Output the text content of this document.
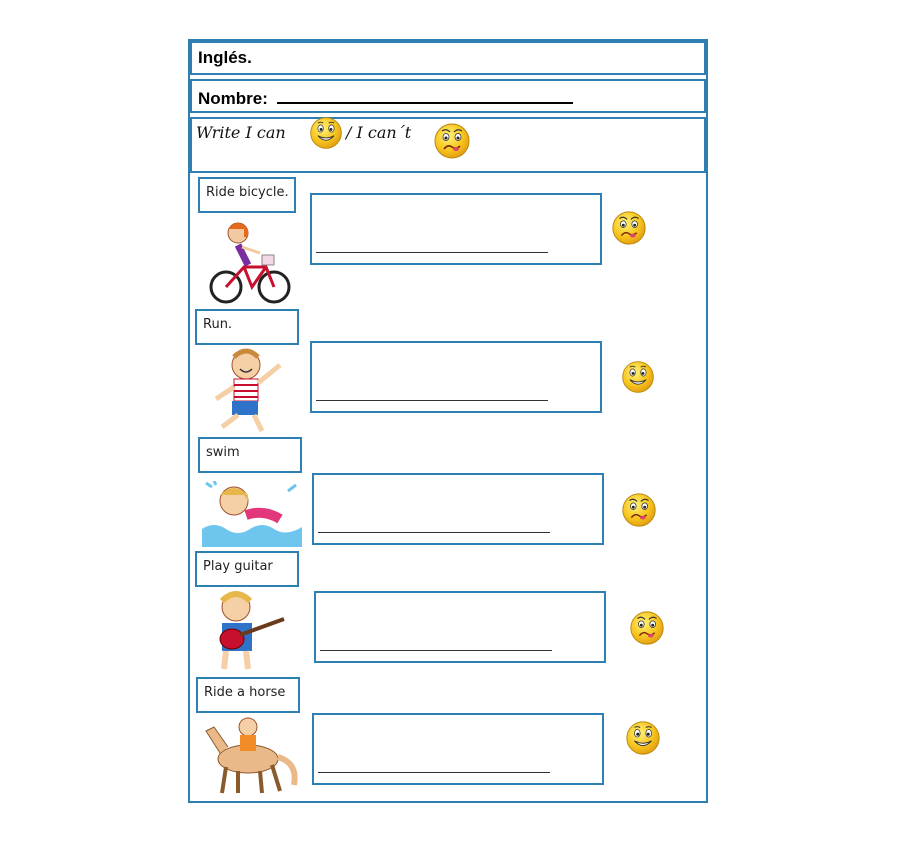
Inglés.
Nombre:
Write I can	/ I can´t
Ride bicycle.
Run.
swim
Play guitar
Ride a horse
